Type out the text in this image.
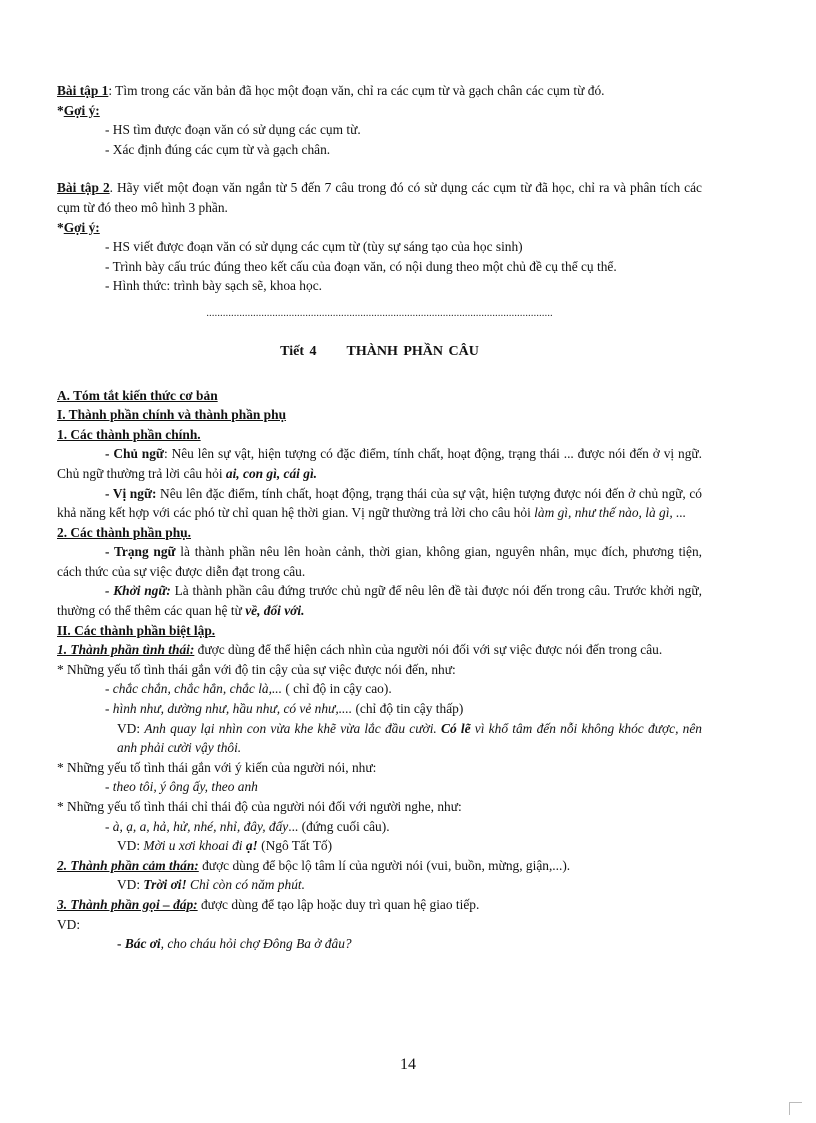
Bài tập 1: Tìm trong các văn bản đã học một đoạn văn, chỉ ra các cụm từ và gạch chân các cụm từ đó.

*Gợi ý:

- HS tìm được đoạn văn có sử dụng các cụm từ.

- Xác định đúng các cụm từ và gạch chân.

Bài tập 2. Hãy viết một đoạn văn ngắn từ 5 đến 7 câu trong đó có sử dụng các cụm từ đã học, chỉ ra và phân tích các cụm từ đó theo mô hình 3 phần.

*Gợi ý:

- HS viết được đoạn văn có sử dụng các cụm từ (tùy sự sáng tạo của học sinh)

- Trình bày cấu trúc đúng theo kết cấu của đoạn văn, có nội dung theo một chủ đề cụ thể cụ thể.

- Hình thức: trình bày sạch sẽ, khoa học.

..............................................................................................................................

Tiết 4 THÀNH PHẦN CÂU

A. Tóm tắt kiến thức cơ bản

I. Thành phần chính và thành phần phụ

1. Các thành phần chính.

- Chủ ngữ: Nêu lên sự vật, hiện tượng có đặc điểm, tính chất, hoạt động, trạng thái ... được nói đến ở vị ngữ. Chủ ngữ thường trả lời câu hỏi ai, con gì, cái gì.

- Vị ngữ: Nêu lên đặc điểm, tính chất, hoạt động, trạng thái của sự vật, hiện tượng được nói đến ở chủ ngữ, có khả năng kết hợp với các phó từ chỉ quan hệ thời gian. Vị ngữ thường trả lời cho câu hỏi làm gì, như thế nào, là gì, ...

2. Các thành phần phụ.

- Trạng ngữ là thành phần nêu lên hoàn cảnh, thời gian, không gian, nguyên nhân, mục đích, phương tiện, cách thức của sự việc được diễn đạt trong câu.

- Khởi ngữ: Là thành phần câu đứng trước chủ ngữ để nêu lên đề tài được nói đến trong câu. Trước khởi ngữ, thường có thể thêm các quan hệ từ về, đối với.

II. Các thành phần biệt lập.

1. Thành phần tình thái: được dùng để thể hiện cách nhìn của người nói đối với sự việc được nói đến trong câu.

* Những yếu tố tình thái gắn với độ tin cậy của sự việc được nói đến, như:

- chắc chắn, chắc hẳn, chắc là,... ( chỉ độ in cậy cao).

- hình như, dường như, hầu như, có vẻ như,.... (chỉ độ tin cậy thấp)

VD: Anh quay lại nhìn con vừa khe khẽ vừa lắc đầu cười. Có lẽ vì khổ tâm đến nỗi không khóc được, nên anh phải cười vậy thôi.

* Những yếu tố tình thái gắn với ý kiến của người nói, như:

- theo tôi, ý ông ấy, theo anh

* Những yếu tố tình thái chỉ thái độ của người nói đối với người nghe, như:

- à, ạ, a, hả, hử, nhé, nhỉ, đây, đấy... (đứng cuối câu).

VD: Mời u xơi khoai đi ạ! (Ngô Tất Tố)

2. Thành phần cảm thán: được dùng để bộc lộ tâm lí của người nói (vui, buồn, mừng, giận,...).

VD: Trời ơi! Chỉ còn có năm phút.

3. Thành phần gọi – đáp: được dùng để tạo lập hoặc duy trì quan hệ giao tiếp.

VD:

- Bác ơi, cho cháu hỏi chợ Đông Ba ở đâu?

14
